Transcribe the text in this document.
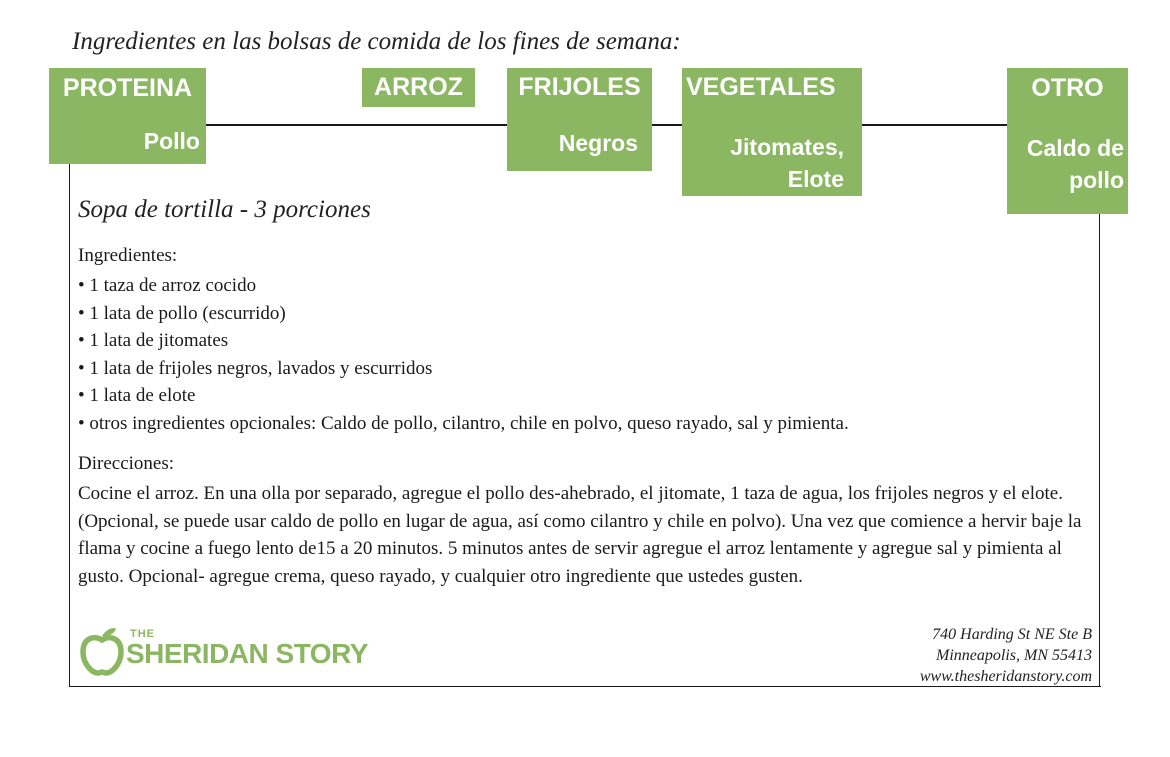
Ingredientes en las bolsas de comida de los fines de semana:
PROTEINA
Pollo
ARROZ	FRIJOLES
Negros
VEGETALES
Jitomates,
Elote
OTRO
Caldo de
pollo
Sopa de tortilla - 3 porciones
Ingredientes:
• 1 taza de arroz cocido
• 1 lata de pollo (escurrido)
• 1 lata de jitomates
• 1 lata de frijoles negros, lavados y escurridos
• 1 lata de elote
• otros ingredientes opcionales: Caldo de pollo, cilantro, chile en polvo, queso rayado, sal y pimienta.
Direcciones:

Cocine el arroz. En una olla por separado, agregue el pollo des-ahebrado, el jitomate, 1 taza de agua, los frijoles negros y el elote. (Opcional, se puede usar caldo de pollo en lugar de agua, así como cilantro y chile en polvo). Una vez que comience a hervir baje la flama y cocine a fuego lento de15 a 20 minutos. 5 minutos antes de servir agregue el arroz lentamente y agregue sal y pimienta al gusto. Opcional- agregue crema, queso rayado, y cualquier otro ingrediente que ustedes gusten.

THE
SHERIDAN STORY
740 Harding St NE Ste B
Minneapolis, MN 55413
www.thesheridanstory.com
